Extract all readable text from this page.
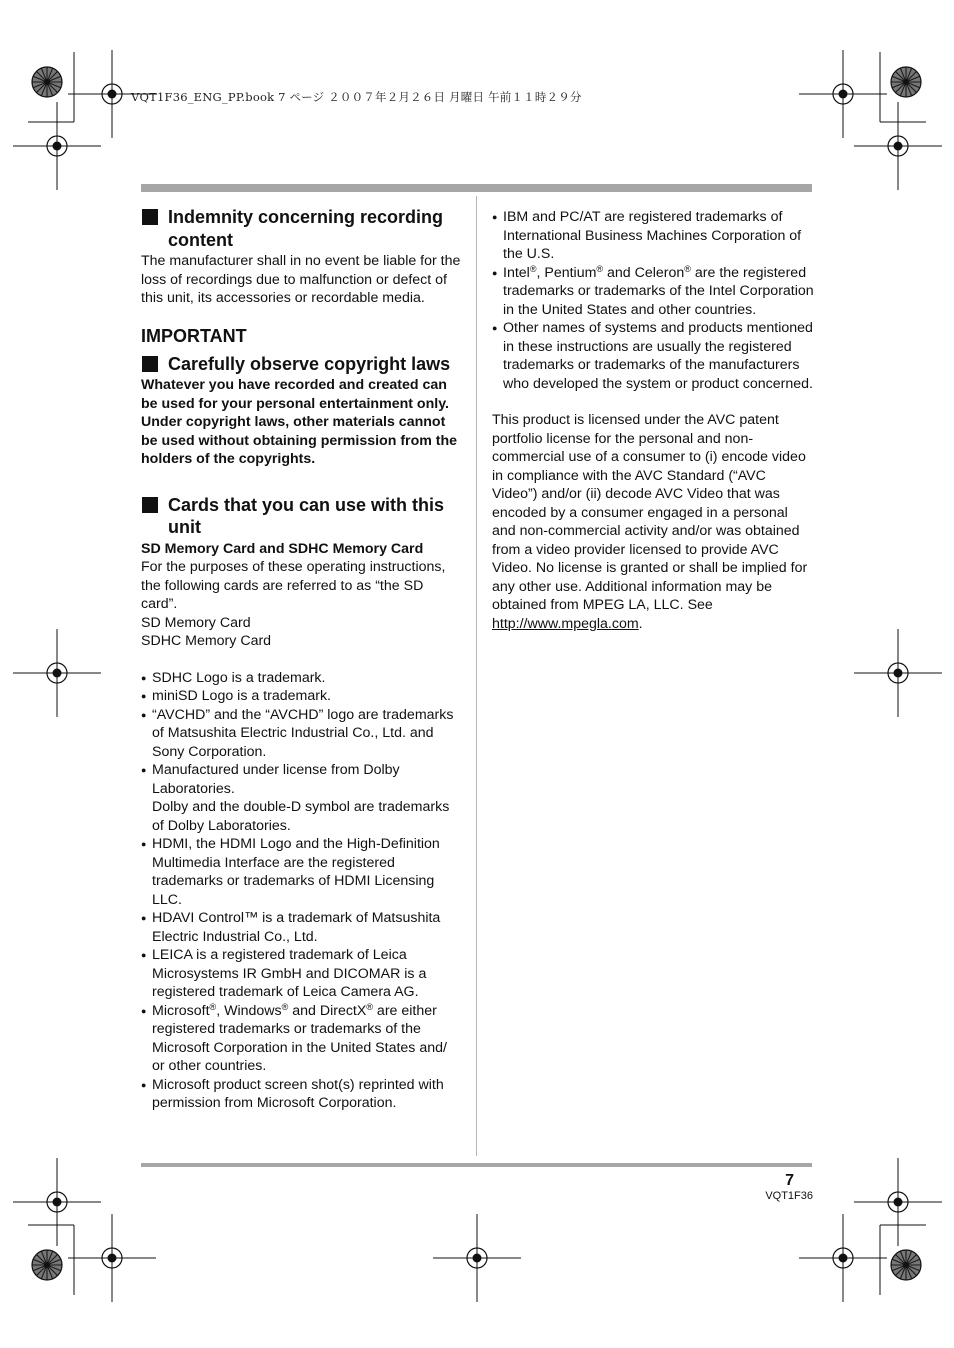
VQT1F36_ENG_PP.book 7 ページ ２００７年２月２６日 月曜日 午前１１時２９分
Indemnity concerning recording content

The manufacturer shall in no event be liable for the loss of recordings due to malfunction or defect of this unit, its accessories or recordable media.

IMPORTANT

Carefully observe copyright laws

Whatever you have recorded and created can be used for your personal entertainment only. Under copyright laws, other materials cannot be used without obtaining permission from the holders of the copyrights.

Cards that you can use with this unit

SD Memory Card and SDHC Memory Card

For the purposes of these operating instructions, the following cards are referred to as “the SD card”.

SD Memory Card

SDHC Memory Card

● SDHC Logo is a trademark.
● miniSD Logo is a trademark.
● “AVCHD” and the “AVCHD” logo are trademarks of Matsushita Electric Industrial Co., Ltd. and Sony Corporation.
● Manufactured under license from Dolby Laboratories.
Dolby and the double-D symbol are trademarks of Dolby Laboratories.
● HDMI, the HDMI Logo and the High-Definition Multimedia Interface are the registered trademarks or trademarks of HDMI Licensing LLC.
● HDAVI Control™ is a trademark of Matsushita Electric Industrial Co., Ltd.
● LEICA is a registered trademark of Leica Microsystems IR GmbH and DICOMAR is a registered trademark of Leica Camera AG.
● Microsoft®, Windows® and DirectX® are either registered trademarks or trademarks of the Microsoft Corporation in the United States and/ or other countries.
● Microsoft product screen shot(s) reprinted with permission from Microsoft Corporation.
● IBM and PC/AT are registered trademarks of International Business Machines Corporation of the U.S.
● Intel®, Pentium® and Celeron® are the registered trademarks or trademarks of the Intel Corporation in the United States and other countries.
● Other names of systems and products mentioned in these instructions are usually the registered trademarks or trademarks of the manufacturers who developed the system or product concerned.

This product is licensed under the AVC patent portfolio license for the personal and non-commercial use of a consumer to (i) encode video in compliance with the AVC Standard (“AVC Video”) and/or (ii) decode AVC Video that was encoded by a consumer engaged in a personal and non-commercial activity and/or was obtained from a video provider licensed to provide AVC Video. No license is granted or shall be implied for any other use. Additional information may be obtained from MPEG LA, LLC. See http://www.mpegla.com.

7
VQT1F36
